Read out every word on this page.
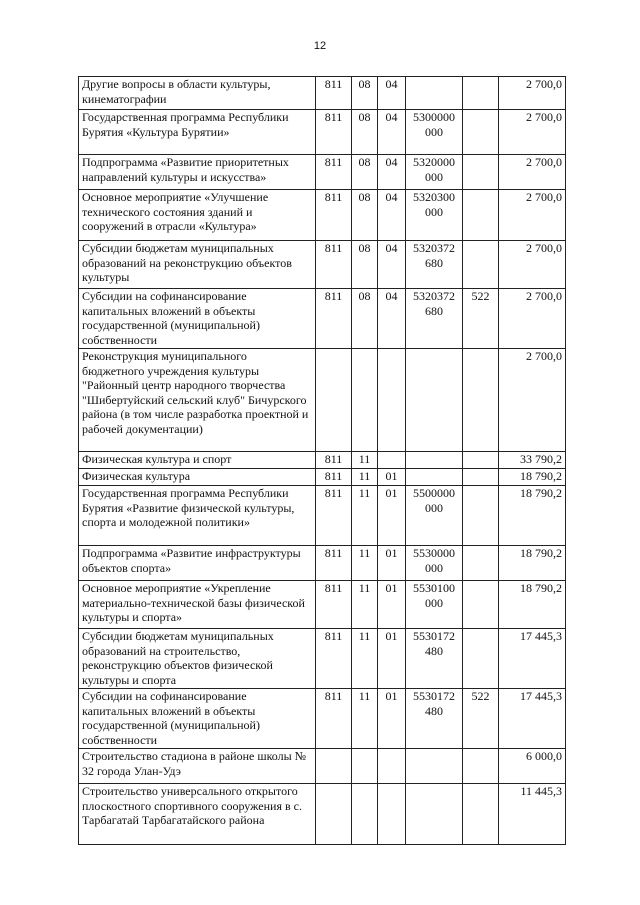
12
Другие вопросы в области культуры, кинематографии	811	08	04			2 700,0
Государственная программа Республики Бурятия «Культура Бурятии»	811	08	04	5300000 000		2 700,0
Подпрограмма «Развитие приоритетных направлений культуры и искусства»	811	08	04	5320000 000		2 700,0
Основное мероприятие «Улучшение технического состояния зданий и сооружений в отрасли «Культура»	811	08	04	5320300 000		2 700,0
Субсидии бюджетам муниципальных образований на реконструкцию объектов культуры	811	08	04	5320372 680		2 700,0
Субсидии на софинансирование капитальных вложений в объекты государственной (муниципальной) собственности	811	08	04	5320372 680	522	2 700,0
Реконструкция муниципального бюджетного учреждения культуры "Районный центр народного творчества "Шибертуйский сельский клуб" Бичурского района (в том числе разработка проектной и рабочей документации)						2 700,0
Физическая культура и спорт	811	11				33 790,2
Физическая культура	811	11	01			18 790,2
Государственная программа Республики Бурятия «Развитие физической культуры, спорта и молодежной политики»	811	11	01	5500000 000		18 790,2
Подпрограмма «Развитие инфраструктуры объектов спорта»	811	11	01	5530000 000		18 790,2
Основное мероприятие «Укрепление материально-технической базы физической культуры и спорта»	811	11	01	5530100 000		18 790,2
Субсидии бюджетам муниципальных образований на строительство, реконструкцию объектов физической культуры и спорта	811	11	01	5530172 480		17 445,3
Субсидии на софинансирование капитальных вложений в объекты государственной (муниципальной) собственности	811	11	01	5530172 480	522	17 445,3
Строительство стадиона в районе школы № 32 города Улан-Удэ						6 000,0
Строительство универсального открытого плоскостного спортивного сооружения в с. Тарбагатай Тарбагатайского района						11 445,3
